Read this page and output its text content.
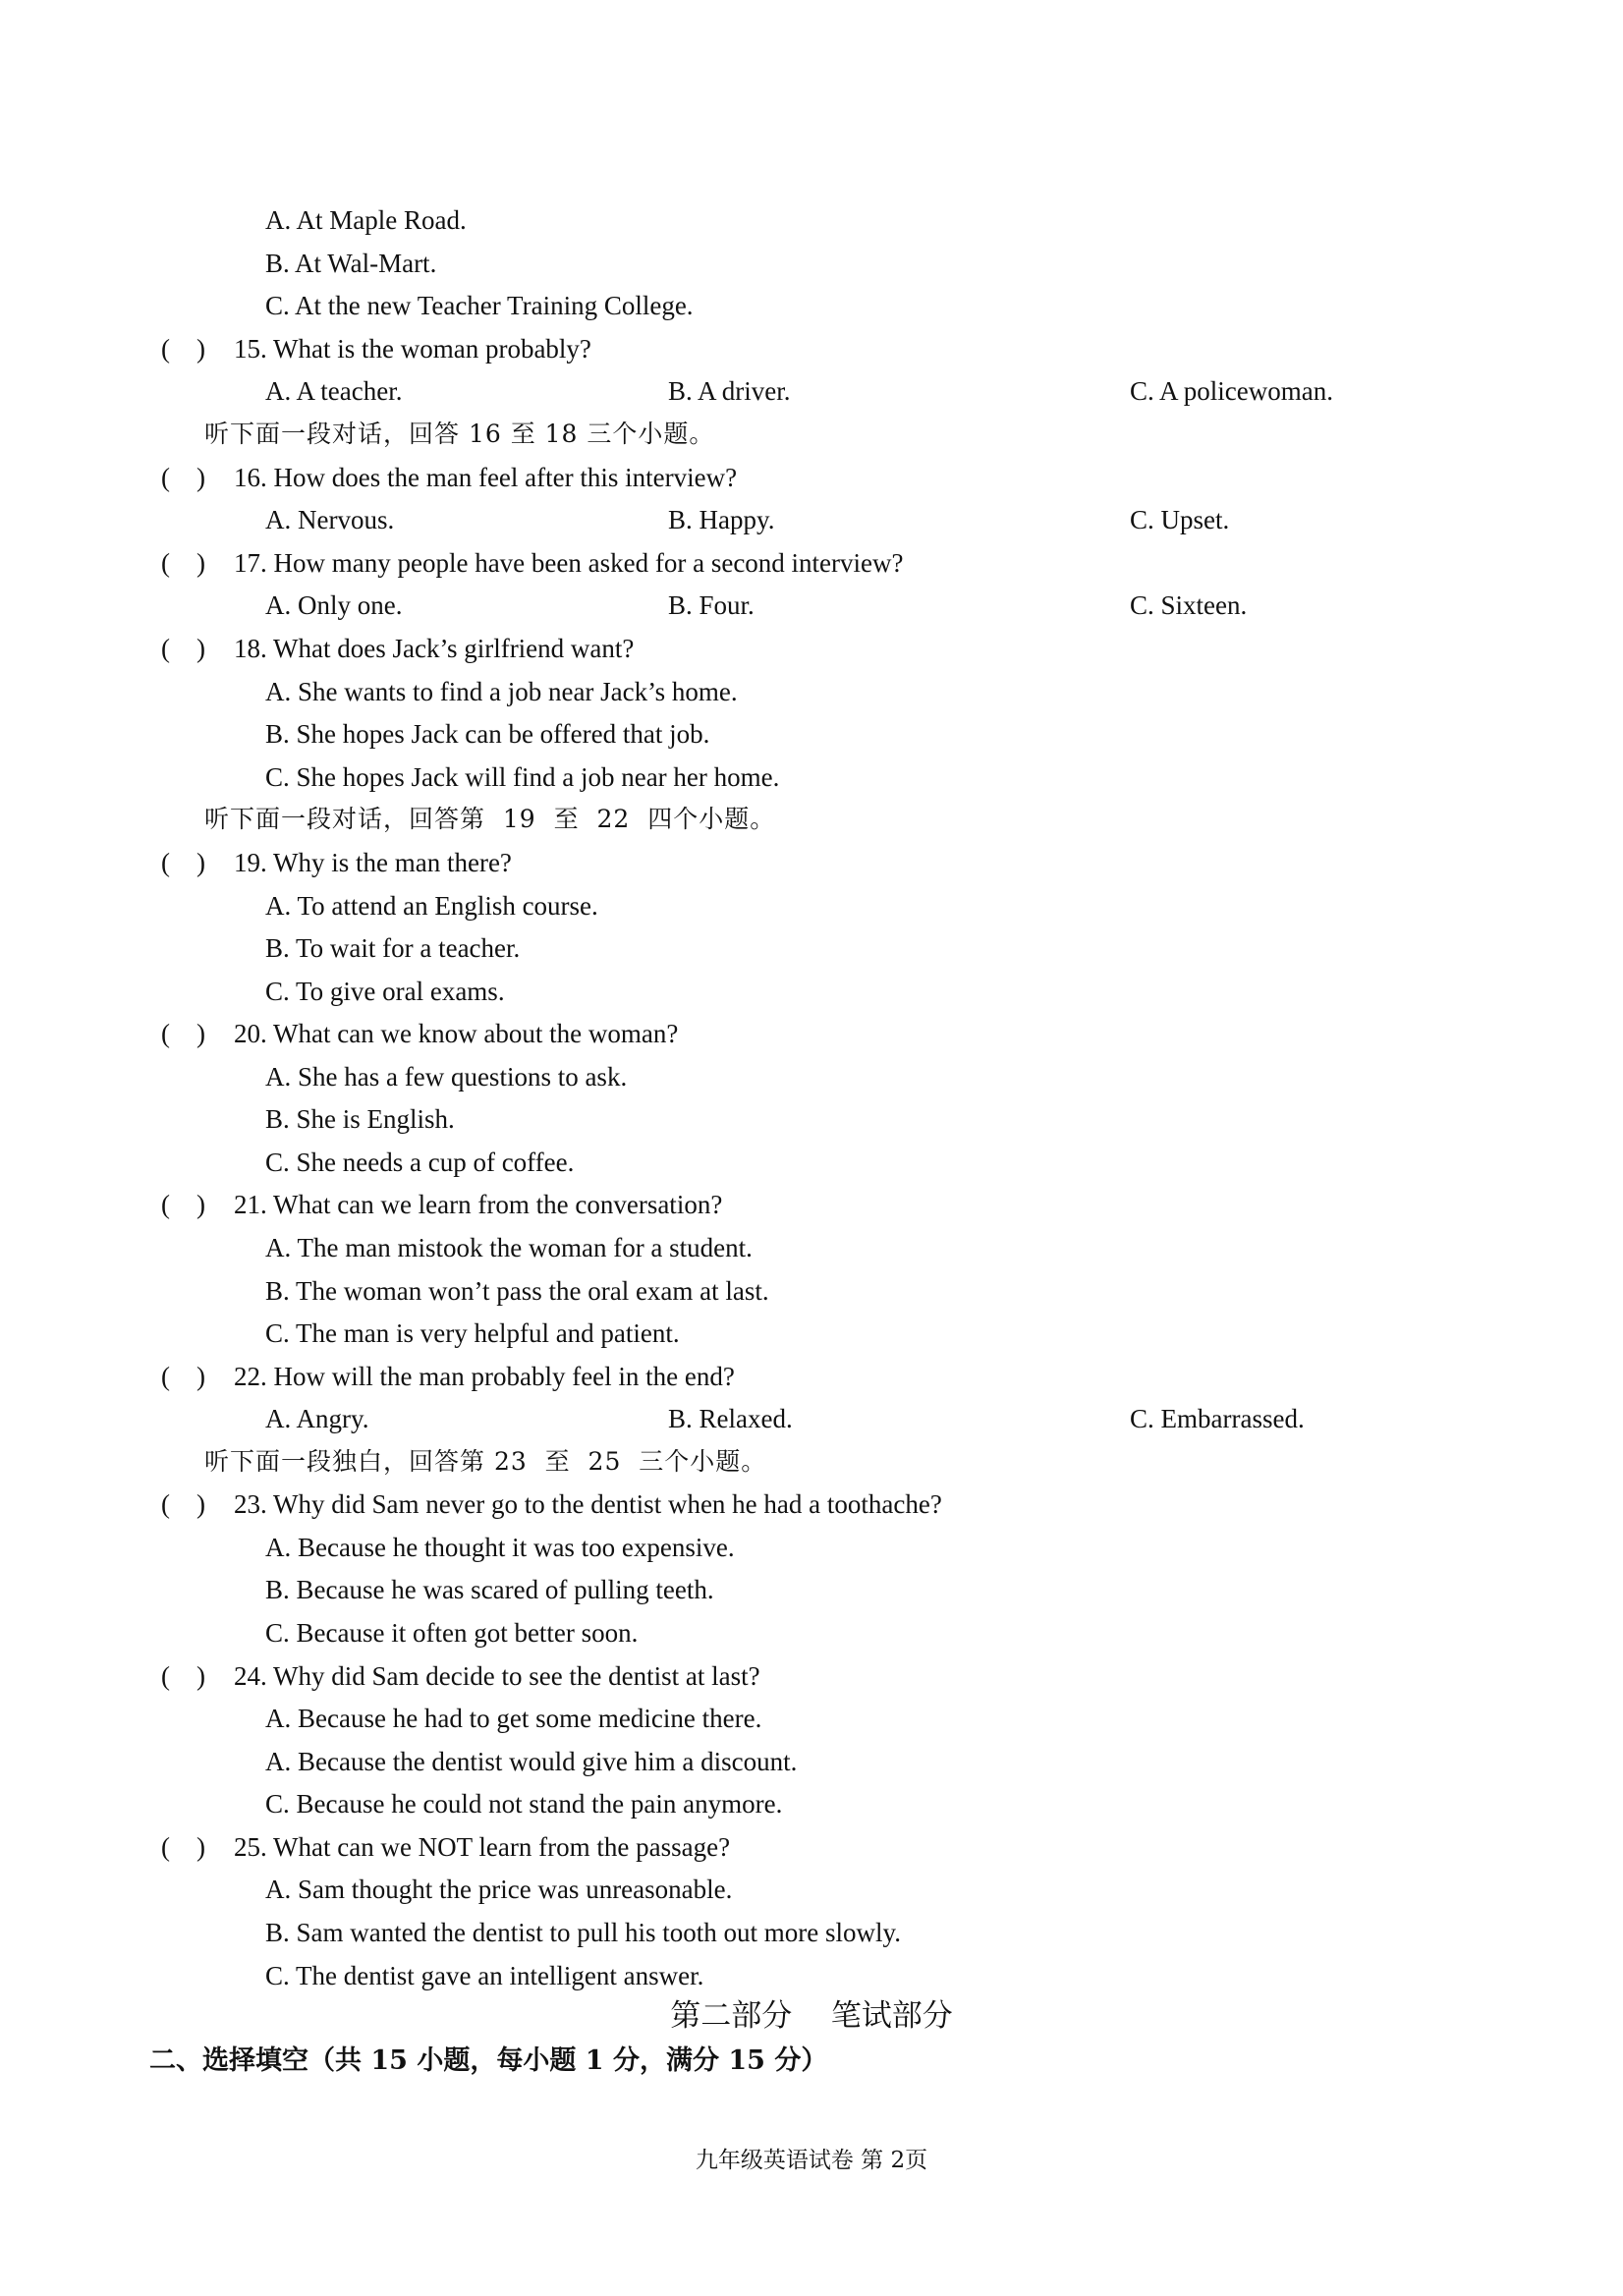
A. At Maple Road.
B. At Wal-Mart.
C. At the new Teacher Training College.
(    ) 15. What is the woman probably?
A. A teacher.	B. A driver.	C. A policewoman.
听下面一段对话，回答 16 至 18 三个小题。
(    ) 16. How does the man feel after this interview?
A. Nervous.	B. Happy.	C. Upset.
(    ) 17. How many people have been asked for a second interview?
A. Only one.	B. Four.	C. Sixteen.
(    ) 18. What does Jack’s girlfriend want?
A. She wants to find a job near Jack’s home.
B. She hopes Jack can be offered that job.
C. She hopes Jack will find a job near her home.
听下面一段对话，回答第  19  至  22  四个小题。
(    ) 19. Why is the man there?
A. To attend an English course.
B. To wait for a teacher.
C. To give oral exams.
(    ) 20. What can we know about the woman?
A. She has a few questions to ask.
B. She is English.
C. She needs a cup of coffee.
(    ) 21. What can we learn from the conversation?
A. The man mistook the woman for a student.
B. The woman won’t pass the oral exam at last.
C. The man is very helpful and patient.
(    ) 22. How will the man probably feel in the end?
A. Angry.	B. Relaxed.	C. Embarrassed.
听下面一段独白，回答第 23  至  25  三个小题。
(    ) 23. Why did Sam never go to the dentist when he had a toothache?
A. Because he thought it was too expensive.
B. Because he was scared of pulling teeth.
C. Because it often got better soon.
(    ) 24. Why did Sam decide to see the dentist at last?
A. Because he had to get some medicine there.
A. Because the dentist would give him a discount.
C. Because he could not stand the pain anymore.
(    ) 25. What can we NOT learn from the passage?
A. Sam thought the price was unreasonable.
B. Sam wanted the dentist to pull his tooth out more slowly.
C. The dentist gave an intelligent answer.
第二部分    笔试部分
二、选择填空（共 15 小题，每小题 1 分，满分 15 分）
九年级英语试卷 第 2页
